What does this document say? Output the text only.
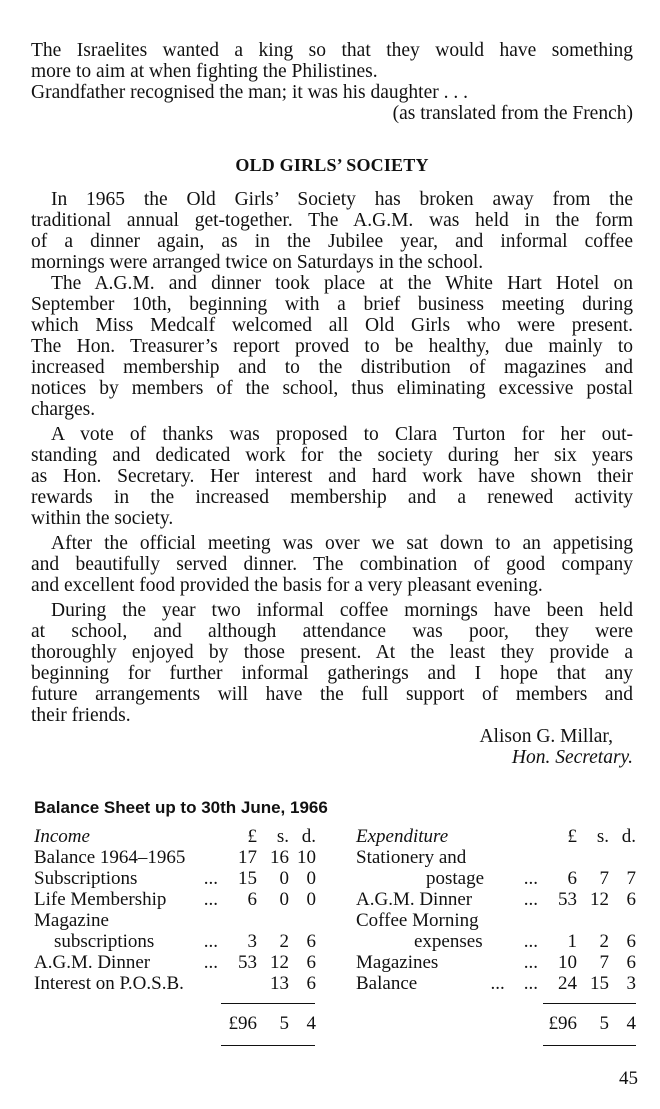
The Israelites wanted a king so that they would have something
more to aim at when fighting the Philistines.
Grandfather recognised the man; it was his daughter . . .
(as translated from the French)
OLD GIRLS’ SOCIETY
In 1965 the Old Girls’ Society has broken away from the
traditional annual get-together. The A.G.M. was held in the form
of a dinner again, as in the Jubilee year, and informal coffee
mornings were arranged twice on Saturdays in the school.
The A.G.M. and dinner took place at the White Hart Hotel on
September 10th, beginning with a brief business meeting during
which Miss Medcalf welcomed all Old Girls who were present.
The Hon. Treasurer’s report proved to be healthy, due mainly to
increased membership and to the distribution of magazines and
notices by members of the school, thus eliminating excessive postal
charges.
A vote of thanks was proposed to Clara Turton for her out-
standing and dedicated work for the society during her six years
as Hon. Secretary. Her interest and hard work have shown their
rewards in the increased membership and a renewed activity
within the society.
After the official meeting was over we sat down to an appetising
and beautifully served dinner. The combination of good company
and excellent food provided the basis for a very pleasant evening.
During the year two informal coffee mornings have been held
at school, and although attendance was poor, they were
thoroughly enjoyed by those present. At the least they provide a
beginning for further informal gatherings and I hope that any
future arrangements will have the full support of members and
their friends.
Alison G. Millar,
Hon. Secretary.
Balance Sheet up to 30th June, 1966
Income	£	s.	d.
Balance 1964–1965	17	16	10
Subscriptions ...	15	0	0
Life Membership ...	6	0	0
Magazine			
subscriptions ...	3	2	6
A.G.M. Dinner ...	53	12	6
Interest on P.O.S.B.		13	6
Expenditure	£	s.	d.
Stationery and			
postage ...	6	7	7
A.G.M. Dinner ...	53	12	6
Coffee Morning			
expenses ...	1	2	6
Magazines ...	10	7	6
Balance ...    ...	24	15	3
£96	5	4	£96	5	4
45
